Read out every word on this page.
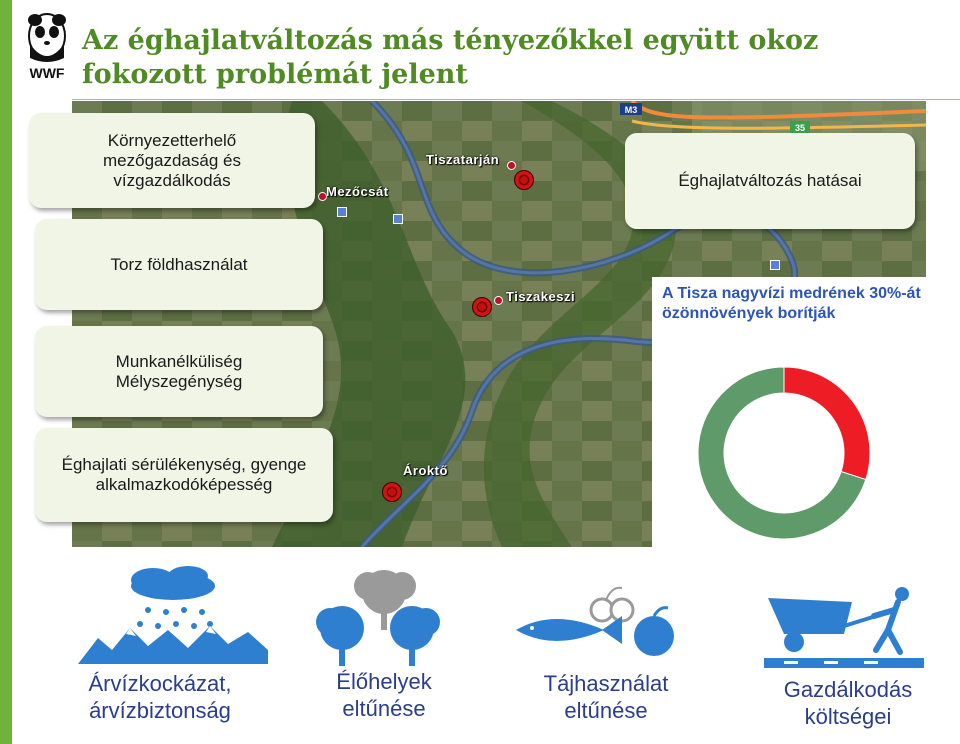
WWF
Az éghajlatváltozás más tényezőkkel együtt okoz fokozott problémát jelent
M3
35
Tiszatarján
Mezőcsát
Tiszakeszi
Ároktő
Környezetterhelő mezőgazdaság és vízgazdálkodás	Éghajlatváltozás hatásai
Torz földhasználat
Munkanélküliség
Mélyszegénység
Éghajlati sérülékenység, gyenge alkalmazkodóképesség
A Tisza nagyvízi medrének 30%-át özönnövények borítják
Árvízkockázat,
árvízbiztonság
Élőhelyek
eltűnése
Tájhasználat
eltűnése
Gazdálkodás
költségei
